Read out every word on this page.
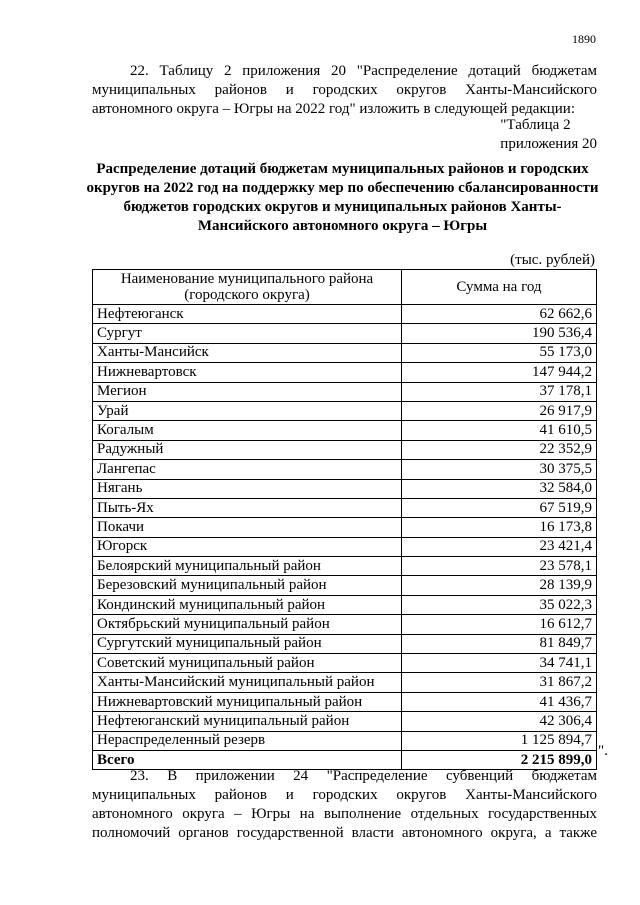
1890
22. Таблицу 2 приложения 20 "Распределение дотаций бюджетам
муниципальных районов и городских округов Ханты-Мансийского
автономного округа – Югры на 2022 год" изложить в следующей редакции:
"Таблица 2
приложения 20
Распределение дотаций бюджетам муниципальных районов и городских
округов на 2022 год на поддержку мер по обеспечению сбалансированности
бюджетов городских округов и муниципальных районов Ханты-
Мансийского автономного округа – Югры
(тыс. рублей)
Наименование муниципального района
(городского округа)	Сумма на год
Нефтеюганск	62 662,6
Сургут	190 536,4
Ханты-Мансийск	55 173,0
Нижневартовск	147 944,2
Мегион	37 178,1
Урай	26 917,9
Когалым	41 610,5
Радужный	22 352,9
Лангепас	30 375,5
Нягань	32 584,0
Пыть-Ях	67 519,9
Покачи	16 173,8
Югорск	23 421,4
Белоярский муниципальный район	23 578,1
Березовский муниципальный район	28 139,9
Кондинский муниципальный район	35 022,3
Октябрьский муниципальный район	16 612,7
Сургутский муниципальный район	81 849,7
Советский муниципальный район	34 741,1
Ханты-Мансийский муниципальный район	31 867,2
Нижневартовский муниципальный район	41 436,7
Нефтеюганский муниципальный район	42 306,4
Нераспределенный резерв	1 125 894,7
Всего	2 215 899,0
".
23. В приложении 24 "Распределение субвенций бюджетам
муниципальных районов и городских округов Ханты-Мансийского
автономного округа – Югры на выполнение отдельных государственных
полномочий органов государственной власти автономного округа, а также
